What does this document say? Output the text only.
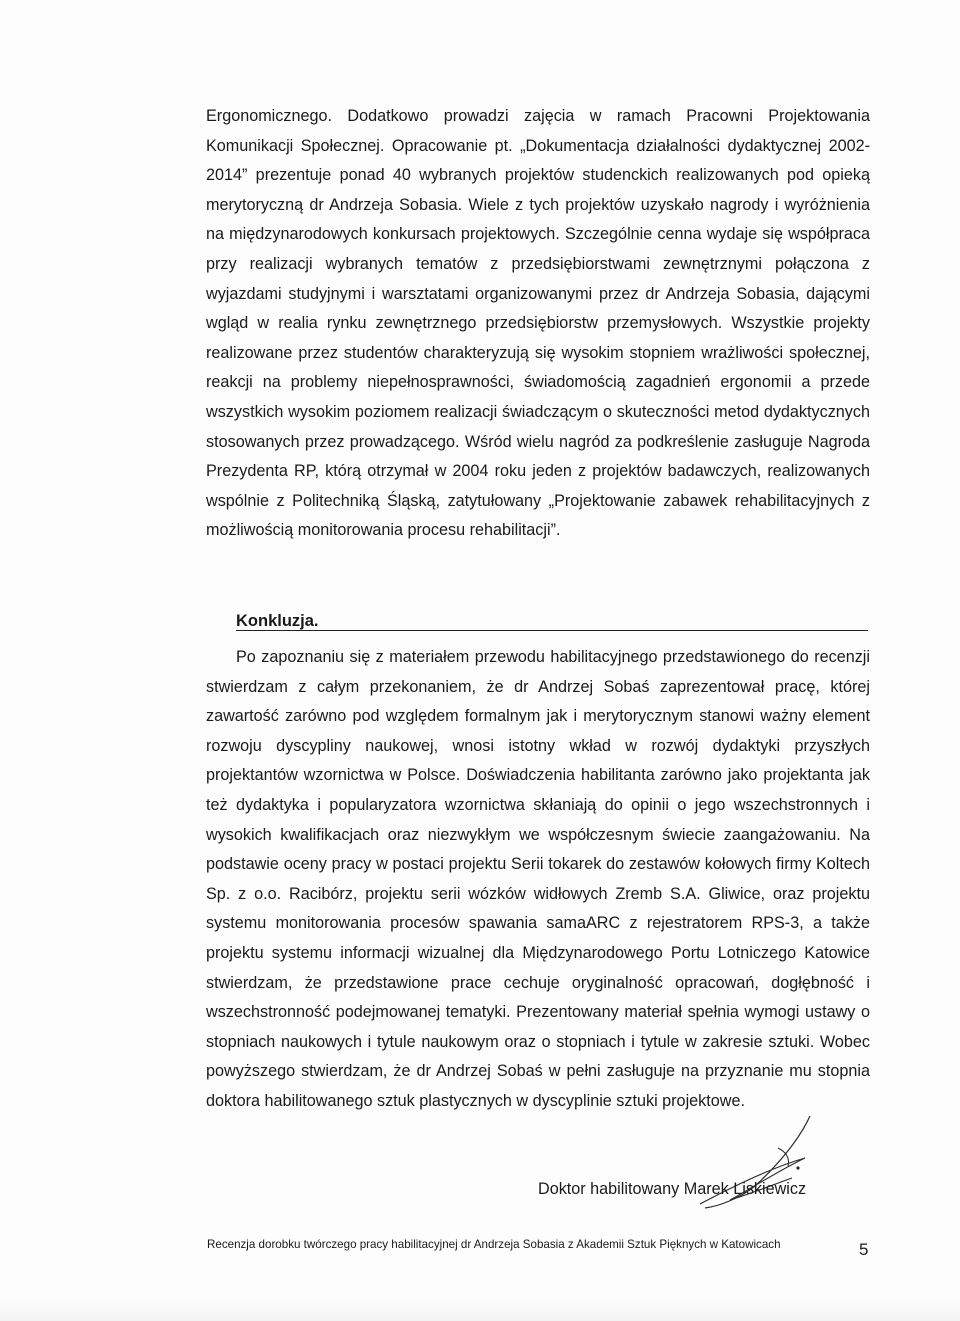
Ergonomicznego. Dodatkowo prowadzi zajęcia w ramach Pracowni Projektowania Komunikacji Społecznej. Opracowanie pt. „Dokumentacja działalności dydaktycznej 2002-2014” prezentuje ponad 40 wybranych projektów studenckich realizowanych pod opieką merytoryczną dr Andrzeja Sobasia. Wiele z tych projektów uzyskało nagrody i wyróżnienia na międzynarodowych konkursach projektowych. Szczególnie cenna wydaje się współpraca przy realizacji wybranych tematów z przedsiębiorstwami zewnętrznymi połączona z wyjazdami studyjnymi i warsztatami organizowanymi przez dr Andrzeja Sobasia, dającymi wgląd w realia rynku zewnętrznego przedsiębiorstw przemysłowych. Wszystkie projekty realizowane przez studentów charakteryzują się wysokim stopniem wrażliwości społecznej, reakcji na problemy niepełnosprawności, świadomością zagadnień ergonomii a przede wszystkich wysokim poziomem realizacji świadczącym o skuteczności metod dydaktycznych stosowanych przez prowadzącego. Wśród wielu nagród za podkreślenie zasługuje Nagroda Prezydenta RP, którą otrzymał w 2004 roku jeden z projektów badawczych, realizowanych wspólnie z Politechniką Śląską, zatytułowany „Projektowanie zabawek rehabilitacyjnych z możliwością monitorowania procesu rehabilitacji”.

Konkluzja.

Po zapoznaniu się z materiałem przewodu habilitacyjnego przedstawionego do recenzji stwierdzam z całym przekonaniem, że dr Andrzej Sobaś zaprezentował pracę, której zawartość zarówno pod względem formalnym jak i merytorycznym stanowi ważny element rozwoju dyscypliny naukowej, wnosi istotny wkład w rozwój dydaktyki przyszłych projektantów wzornictwa w Polsce. Doświadczenia habilitanta zarówno jako projektanta jak też dydaktyka i popularyzatora wzornictwa skłaniają do opinii o jego wszechstronnych i wysokich kwalifikacjach oraz niezwykłym we współczesnym świecie zaangażowaniu. Na podstawie oceny pracy w postaci projektu Serii tokarek do zestawów kołowych firmy Koltech Sp. z o.o. Racibórz, projektu serii wózków widłowych Zremb S.A. Gliwice, oraz projektu systemu monitorowania procesów spawania samaARC z rejestratorem RPS-3, a także projektu systemu informacji wizualnej dla Międzynarodowego Portu Lotniczego Katowice stwierdzam, że przedstawione prace cechuje oryginalność opracowań, dogłębność i wszechstronność podejmowanej tematyki. Prezentowany materiał spełnia wymogi ustawy o stopniach naukowych i tytule naukowym oraz o stopniach i tytule w zakresie sztuki. Wobec powyższego stwierdzam, że dr Andrzej Sobaś w pełni zasługuje na przyznanie mu stopnia doktora habilitowanego sztuk plastycznych w dyscyplinie sztuki projektowe.

Doktor habilitowany Marek Liskiewicz

Recenzja dorobku twórczego pracy habilitacyjnej dr Andrzeja Sobasia z Akademii Sztuk Pięknych w Katowicach	5
